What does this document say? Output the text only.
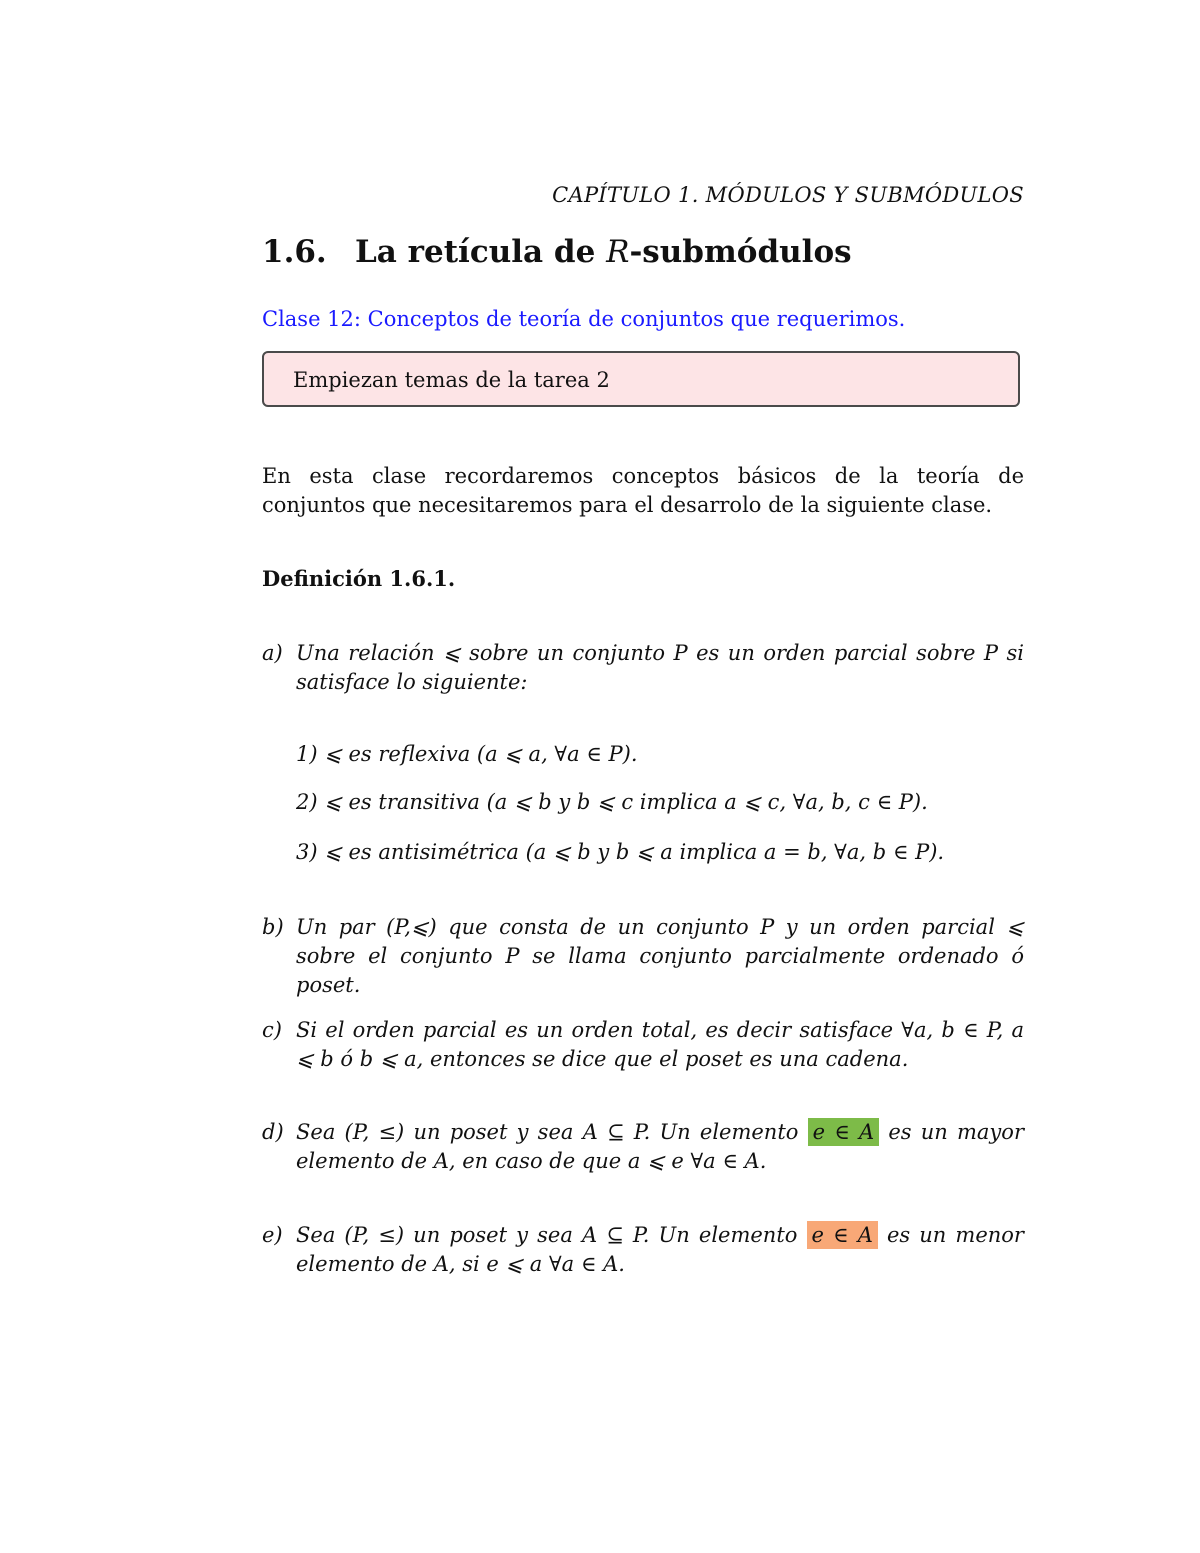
CAPÍTULO 1. MÓDULOS Y SUBMÓDULOS
1.6. La retícula de R-submódulos
Clase 12: Conceptos de teoría de conjuntos que requerimos.
Empiezan temas de la tarea 2
En esta clase recordaremos conceptos básicos de la teoría de conjuntos que necesitaremos para el desarrolo de la siguiente clase.
Definición 1.6.1.
a) Una relación ⩽ sobre un conjunto P es un orden parcial sobre P si satisface lo siguiente:
1) ⩽ es reflexiva (a ⩽ a, ∀a ∈ P).
2) ⩽ es transitiva (a ⩽ b y b ⩽ c implica a ⩽ c, ∀a, b, c ∈ P).
3) ⩽ es antisimétrica (a ⩽ b y b ⩽ a implica a = b, ∀a, b ∈ P).
b) Un par (P,⩽) que consta de un conjunto P y un orden parcial ⩽ sobre el conjunto P se llama conjunto parcialmente ordenado ó poset.
c) Si el orden parcial es un orden total, es decir satisface ∀a, b ∈ P, a ⩽ b ó b ⩽ a, entonces se dice que el poset es una cadena.
d) Sea (P, ≤) un poset y sea A ⊆ P. Un elemento e ∈ A es un mayor elemento de A, en caso de que a ⩽ e ∀a ∈ A.
e) Sea (P, ≤) un poset y sea A ⊆ P. Un elemento e ∈ A es un menor elemento de A, si e ⩽ a ∀a ∈ A.
